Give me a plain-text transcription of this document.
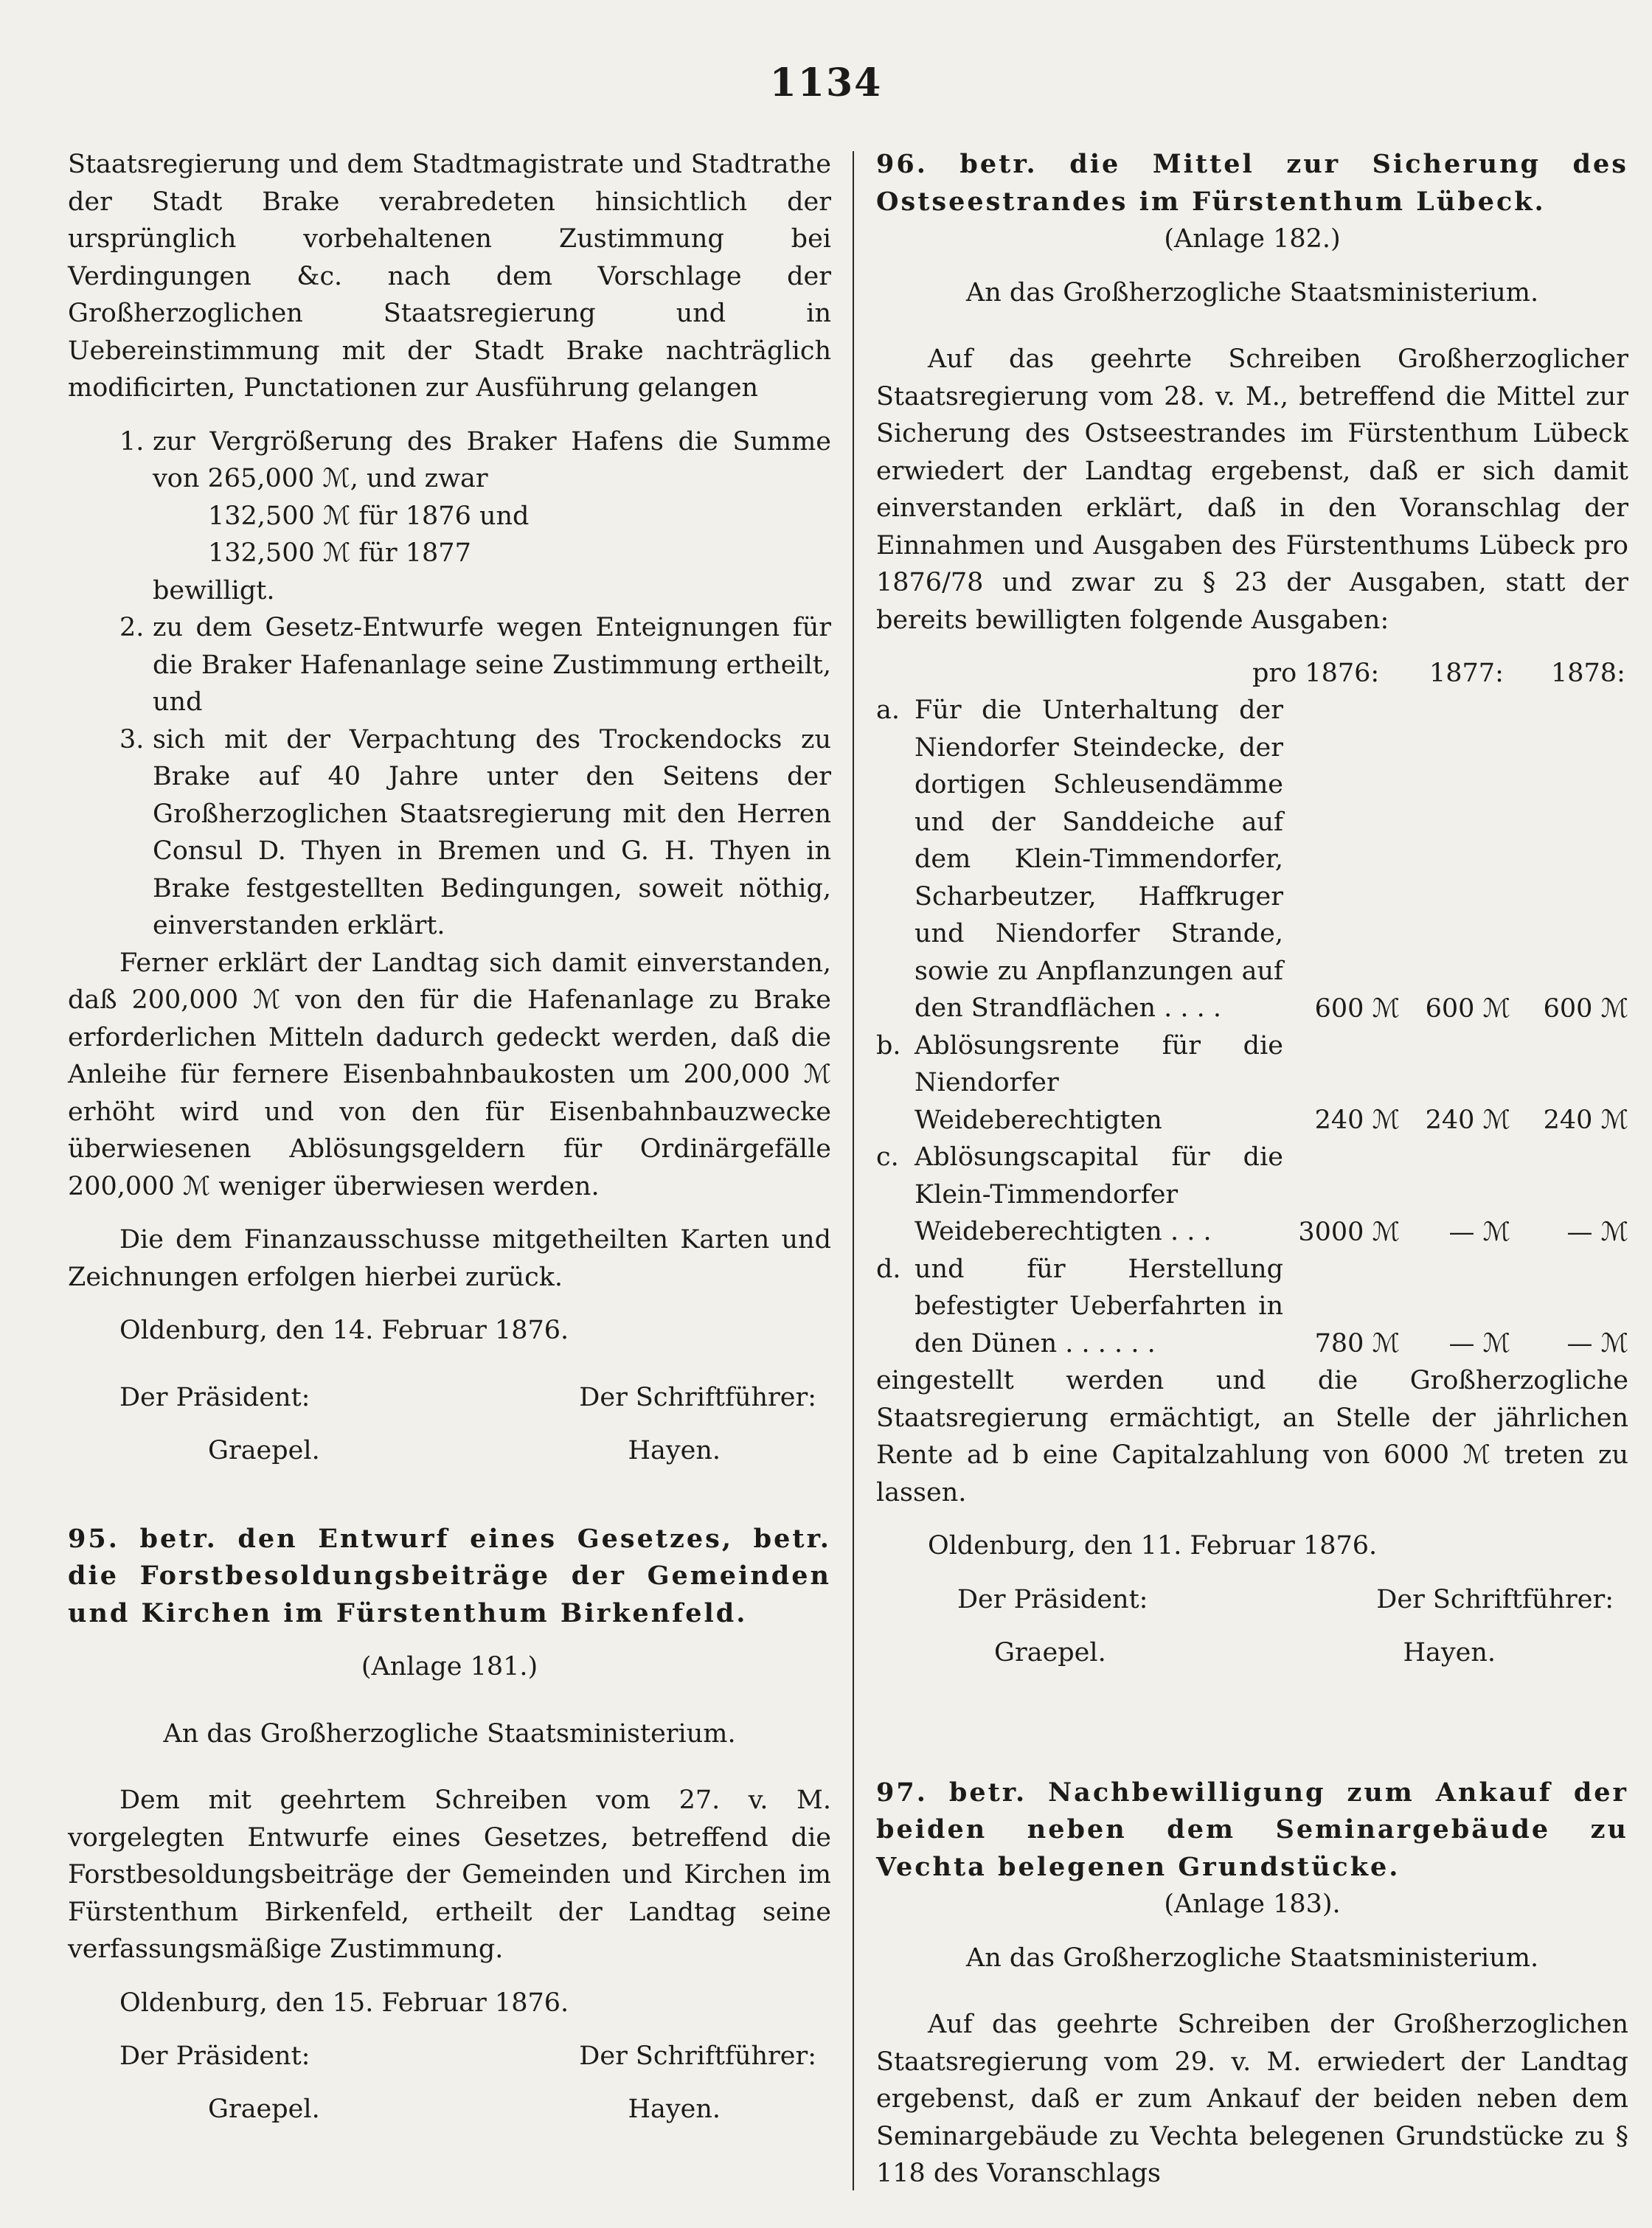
1134

Staatsregierung und dem Stadtmagistrate und Stadtrathe der Stadt Brake verabredeten hinsichtlich der ursprünglich vorbehaltenen Zustimmung bei Verdingungen &c. nach dem Vorschlage der Großherzoglichen Staatsregierung und in Uebereinstimmung mit der Stadt Brake nachträglich modificirten, Punctationen zur Ausführung gelangen

1. zur Vergrößerung des Braker Hafens die Summe von 265,000 ℳ, und zwar

132,500 ℳ für 1876 und

132,500 ℳ für 1877

bewilligt.

2. zu dem Gesetz-Entwurfe wegen Enteignungen für die Braker Hafenanlage seine Zustimmung ertheilt, und
3. sich mit der Verpachtung des Trockendocks zu Brake auf 40 Jahre unter den Seitens der Großherzoglichen Staatsregierung mit den Herren Consul D. Thyen in Bremen und G. H. Thyen in Brake festgestellten Bedingungen, soweit nöthig, einverstanden erklärt.

Ferner erklärt der Landtag sich damit einverstanden, daß 200,000 ℳ von den für die Hafenanlage zu Brake erforderlichen Mitteln dadurch gedeckt werden, daß die Anleihe für fernere Eisenbahnbaukosten um 200,000 ℳ erhöht wird und von den für Eisenbahnbauzwecke überwiesenen Ablösungsgeldern für Ordinärgefälle 200,000 ℳ weniger überwiesen werden.

Die dem Finanzausschusse mitgetheilten Karten und Zeichnungen erfolgen hierbei zurück.

Oldenburg, den 14. Februar 1876.

Der Präsident:	Der Schriftführer:
Graepel.	Hayen.

95. betr. den Entwurf eines Gesetzes, betr. die Forstbesoldungsbeiträge der Gemeinden und Kirchen im Fürstenthum Birkenfeld.

(Anlage 181.)

An das Großherzogliche Staatsministerium.

Dem mit geehrtem Schreiben vom 27. v. M. vorgelegten Entwurfe eines Gesetzes, betreffend die Forstbesoldungsbeiträge der Gemeinden und Kirchen im Fürstenthum Birkenfeld, ertheilt der Landtag seine verfassungsmäßige Zustimmung.

Oldenburg, den 15. Februar 1876.

Der Präsident:	Der Schriftführer:
Graepel.	Hayen.

96. betr. die Mittel zur Sicherung des Ostseestrandes im Fürstenthum Lübeck.

(Anlage 182.)

An das Großherzogliche Staatsministerium.

Auf das geehrte Schreiben Großherzoglicher Staatsregierung vom 28. v. M., betreffend die Mittel zur Sicherung des Ostseestrandes im Fürstenthum Lübeck erwiedert der Landtag ergebenst, daß er sich damit einverstanden erklärt, daß in den Voranschlag der Einnahmen und Ausgaben des Fürstenthums Lübeck pro 1876/78 und zwar zu § 23 der Ausgaben, statt der bereits bewilligten folgende Ausgaben:

pro 1876: 1877: 1878:
a. Für die Unterhaltung der Niendorfer Steindecke, der dortigen Schleusendämme und der Sanddeiche auf dem Klein-Timmendorfer, Scharbeutzer, Haffkruger und Niendorfer Strande, sowie zu Anpflanzungen auf den Strandflächen . . . .	600 ℳ 600 ℳ	600 ℳ
b. Ablösungsrente für die Niendorfer Weideberechtigten	240 ℳ 240 ℳ	240 ℳ
c. Ablösungscapital für die Klein-Timmendorfer Weideberechtigten . . .	3000 ℳ	— ℳ	— ℳ
d. und für Herstellung befestigter Ueberfahrten in den Dünen . . . . . .	780 ℳ	— ℳ	— ℳ

eingestellt werden und die Großherzogliche Staatsregierung ermächtigt, an Stelle der jährlichen Rente ad b eine Capitalzahlung von 6000 ℳ treten zu lassen.

Oldenburg, den 11. Februar 1876.

Der Präsident:	Der Schriftführer:
Graepel.	Hayen.

97. betr. Nachbewilligung zum Ankauf der beiden neben dem Seminargebäude zu Vechta belegenen Grundstücke.

(Anlage 183).

An das Großherzogliche Staatsministerium.

Auf das geehrte Schreiben der Großherzoglichen Staatsregierung vom 29. v. M. erwiedert der Landtag ergebenst, daß er zum Ankauf der beiden neben dem Seminargebäude zu Vechta belegenen Grundstücke zu § 118 des Voranschlags
